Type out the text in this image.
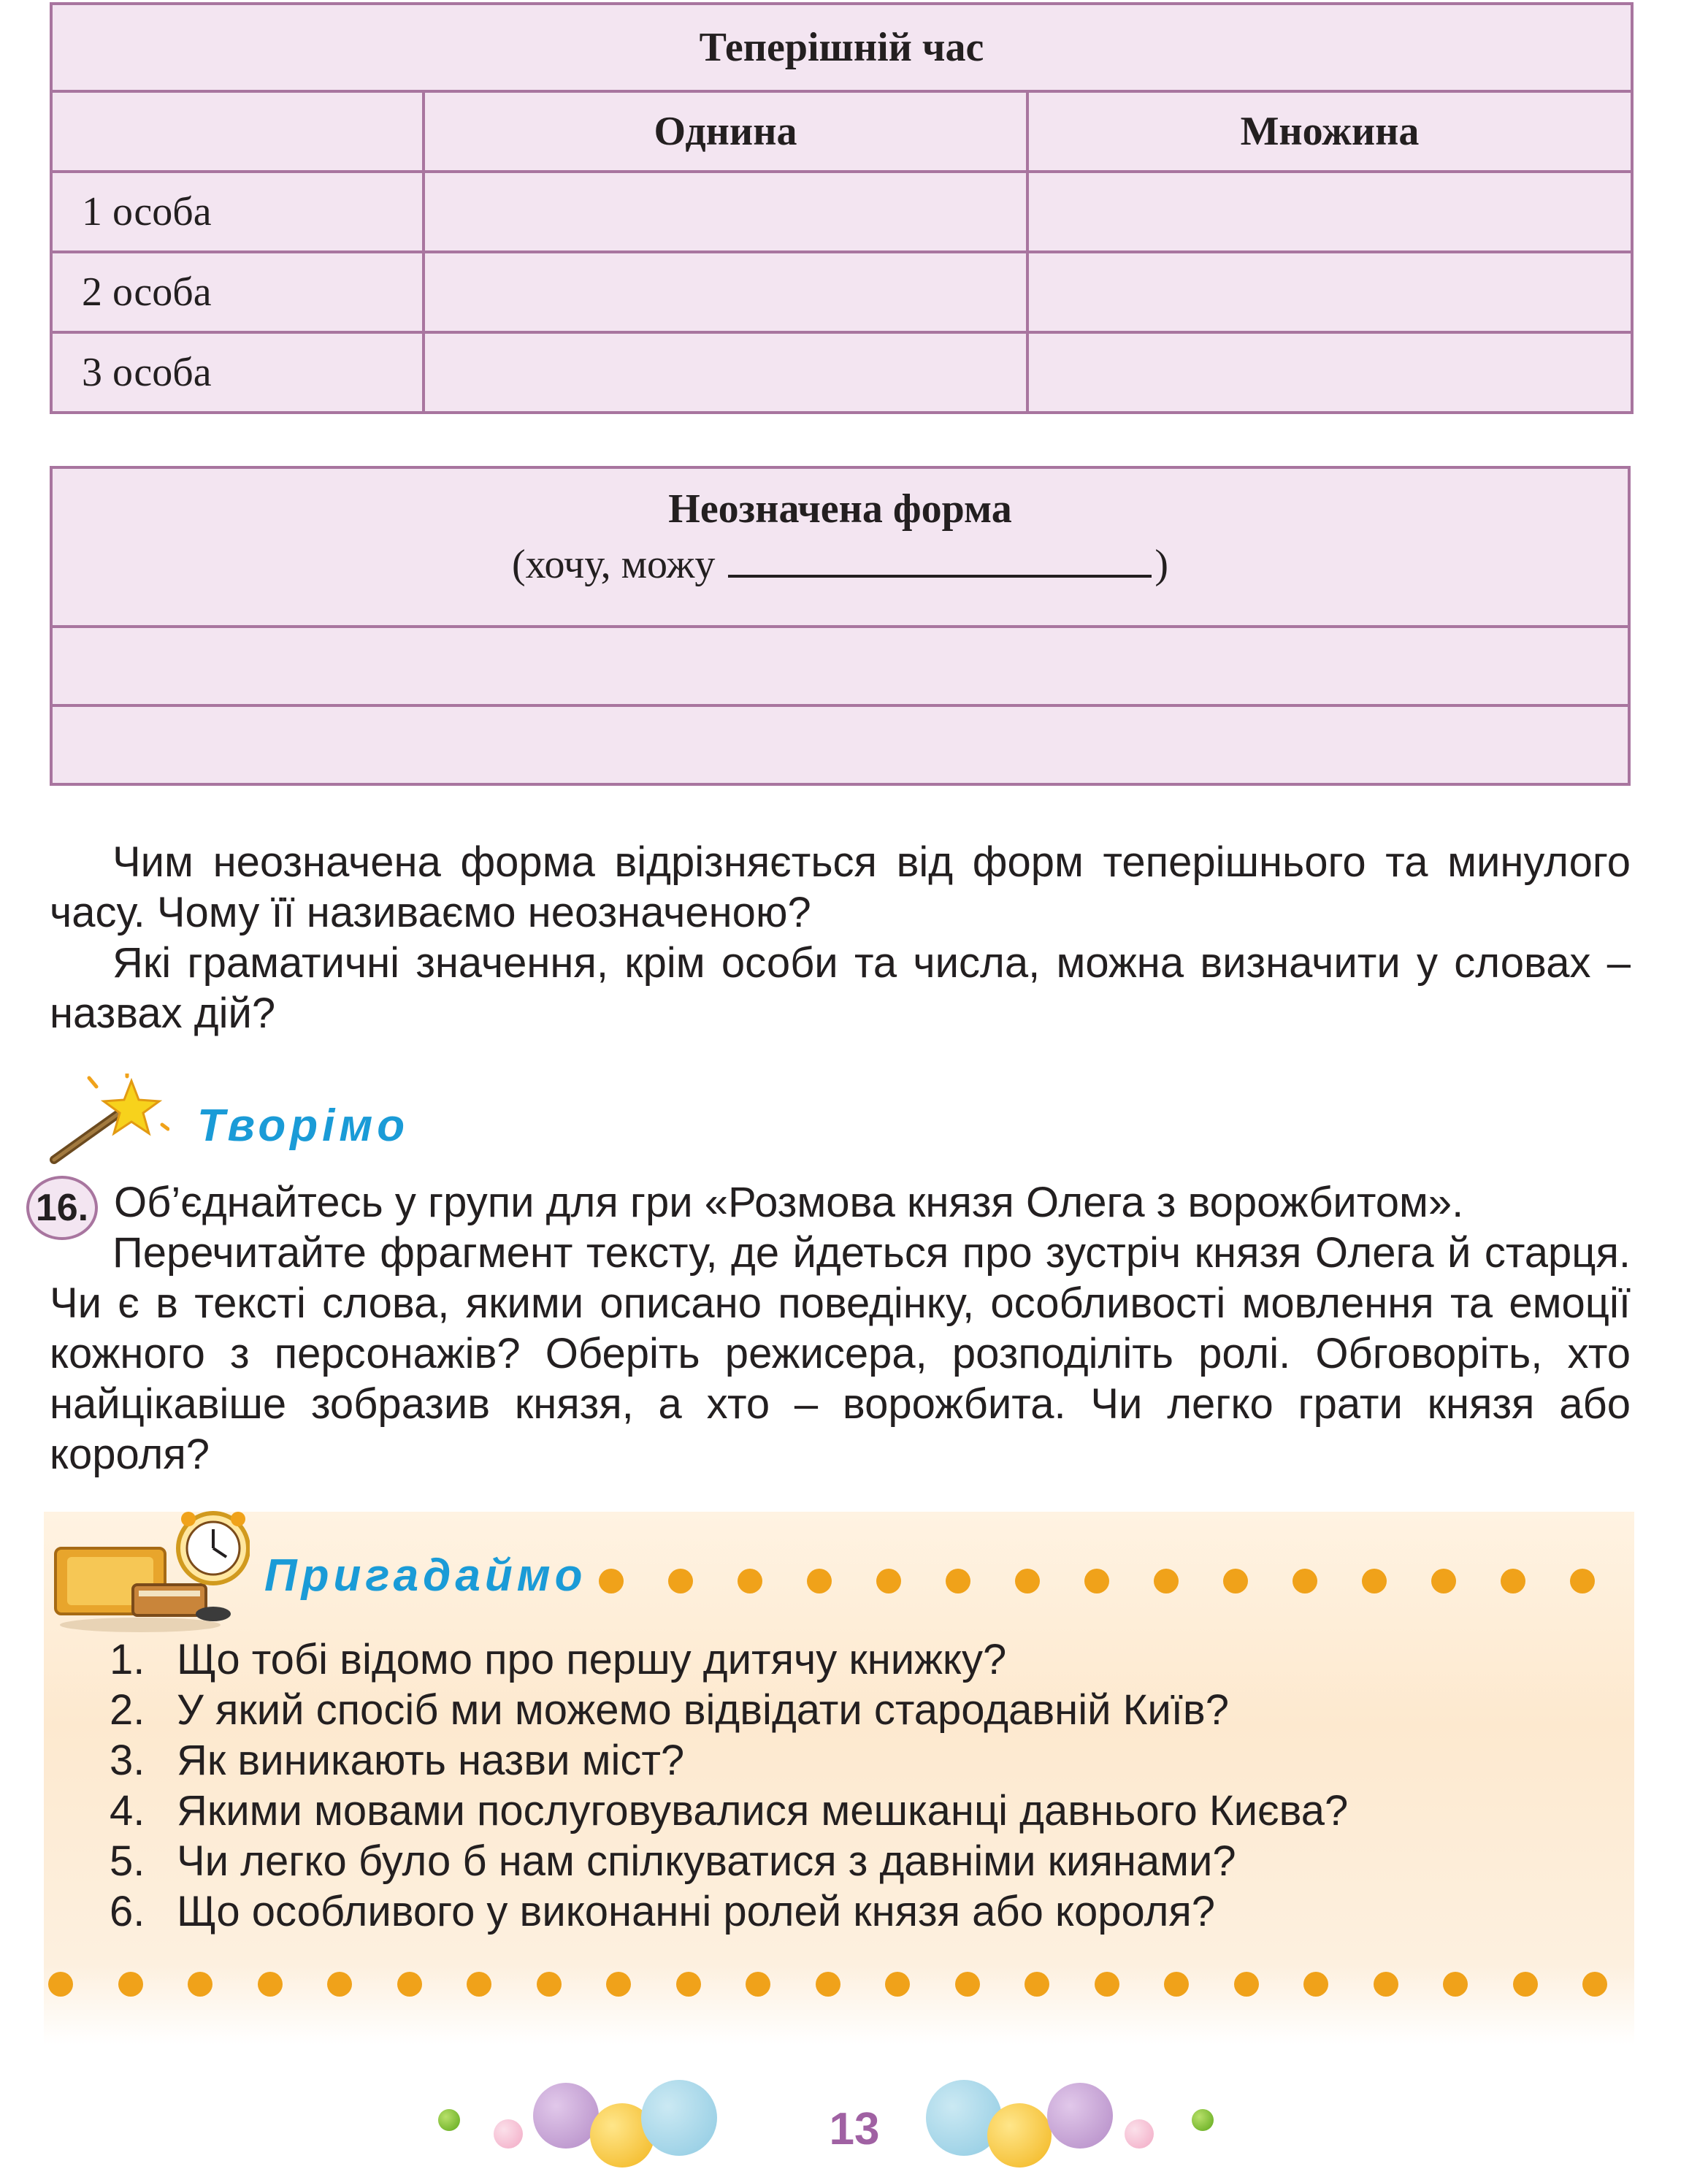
Теперішній час		
	Однина	Множина
1 особа		
2 особа		
3 особа		
Неозначена форма
(хочу, можу	)

Чим неозначена форма відрізняється від форм теперішнього та минулого часу. Чому її називаємо неозначеною?

Які граматичні значення, крім особи та числа, можна визначити у словах – назвах дій?

Творімо
16. Об’єднайтесь у групи для гри «Розмова князя Олега з ворожбитом».

Перечитайте фрагмент тексту, де йдеться про зустріч князя Олега й старця. Чи є в тексті слова, якими описано поведінку, особливості мовлення та емоції кожного з персонажів? Оберіть режисера, розподіліть ролі. Обговоріть, хто найцікавіше зобразив князя, а хто – ворожбита. Чи легко грати князя або короля?

Пригадаймо
1. Що тобі відомо про першу дитячу книжку?
2. У який спосіб ми можемо відвідати стародавній Київ?
3. Як виникають назви міст?
4. Якими мовами послуговувалися мешканці давнього Києва?
5. Чи легко було б нам спілкуватися з давніми киянами?
6. Що особливого у виконанні ролей князя або короля?
13
